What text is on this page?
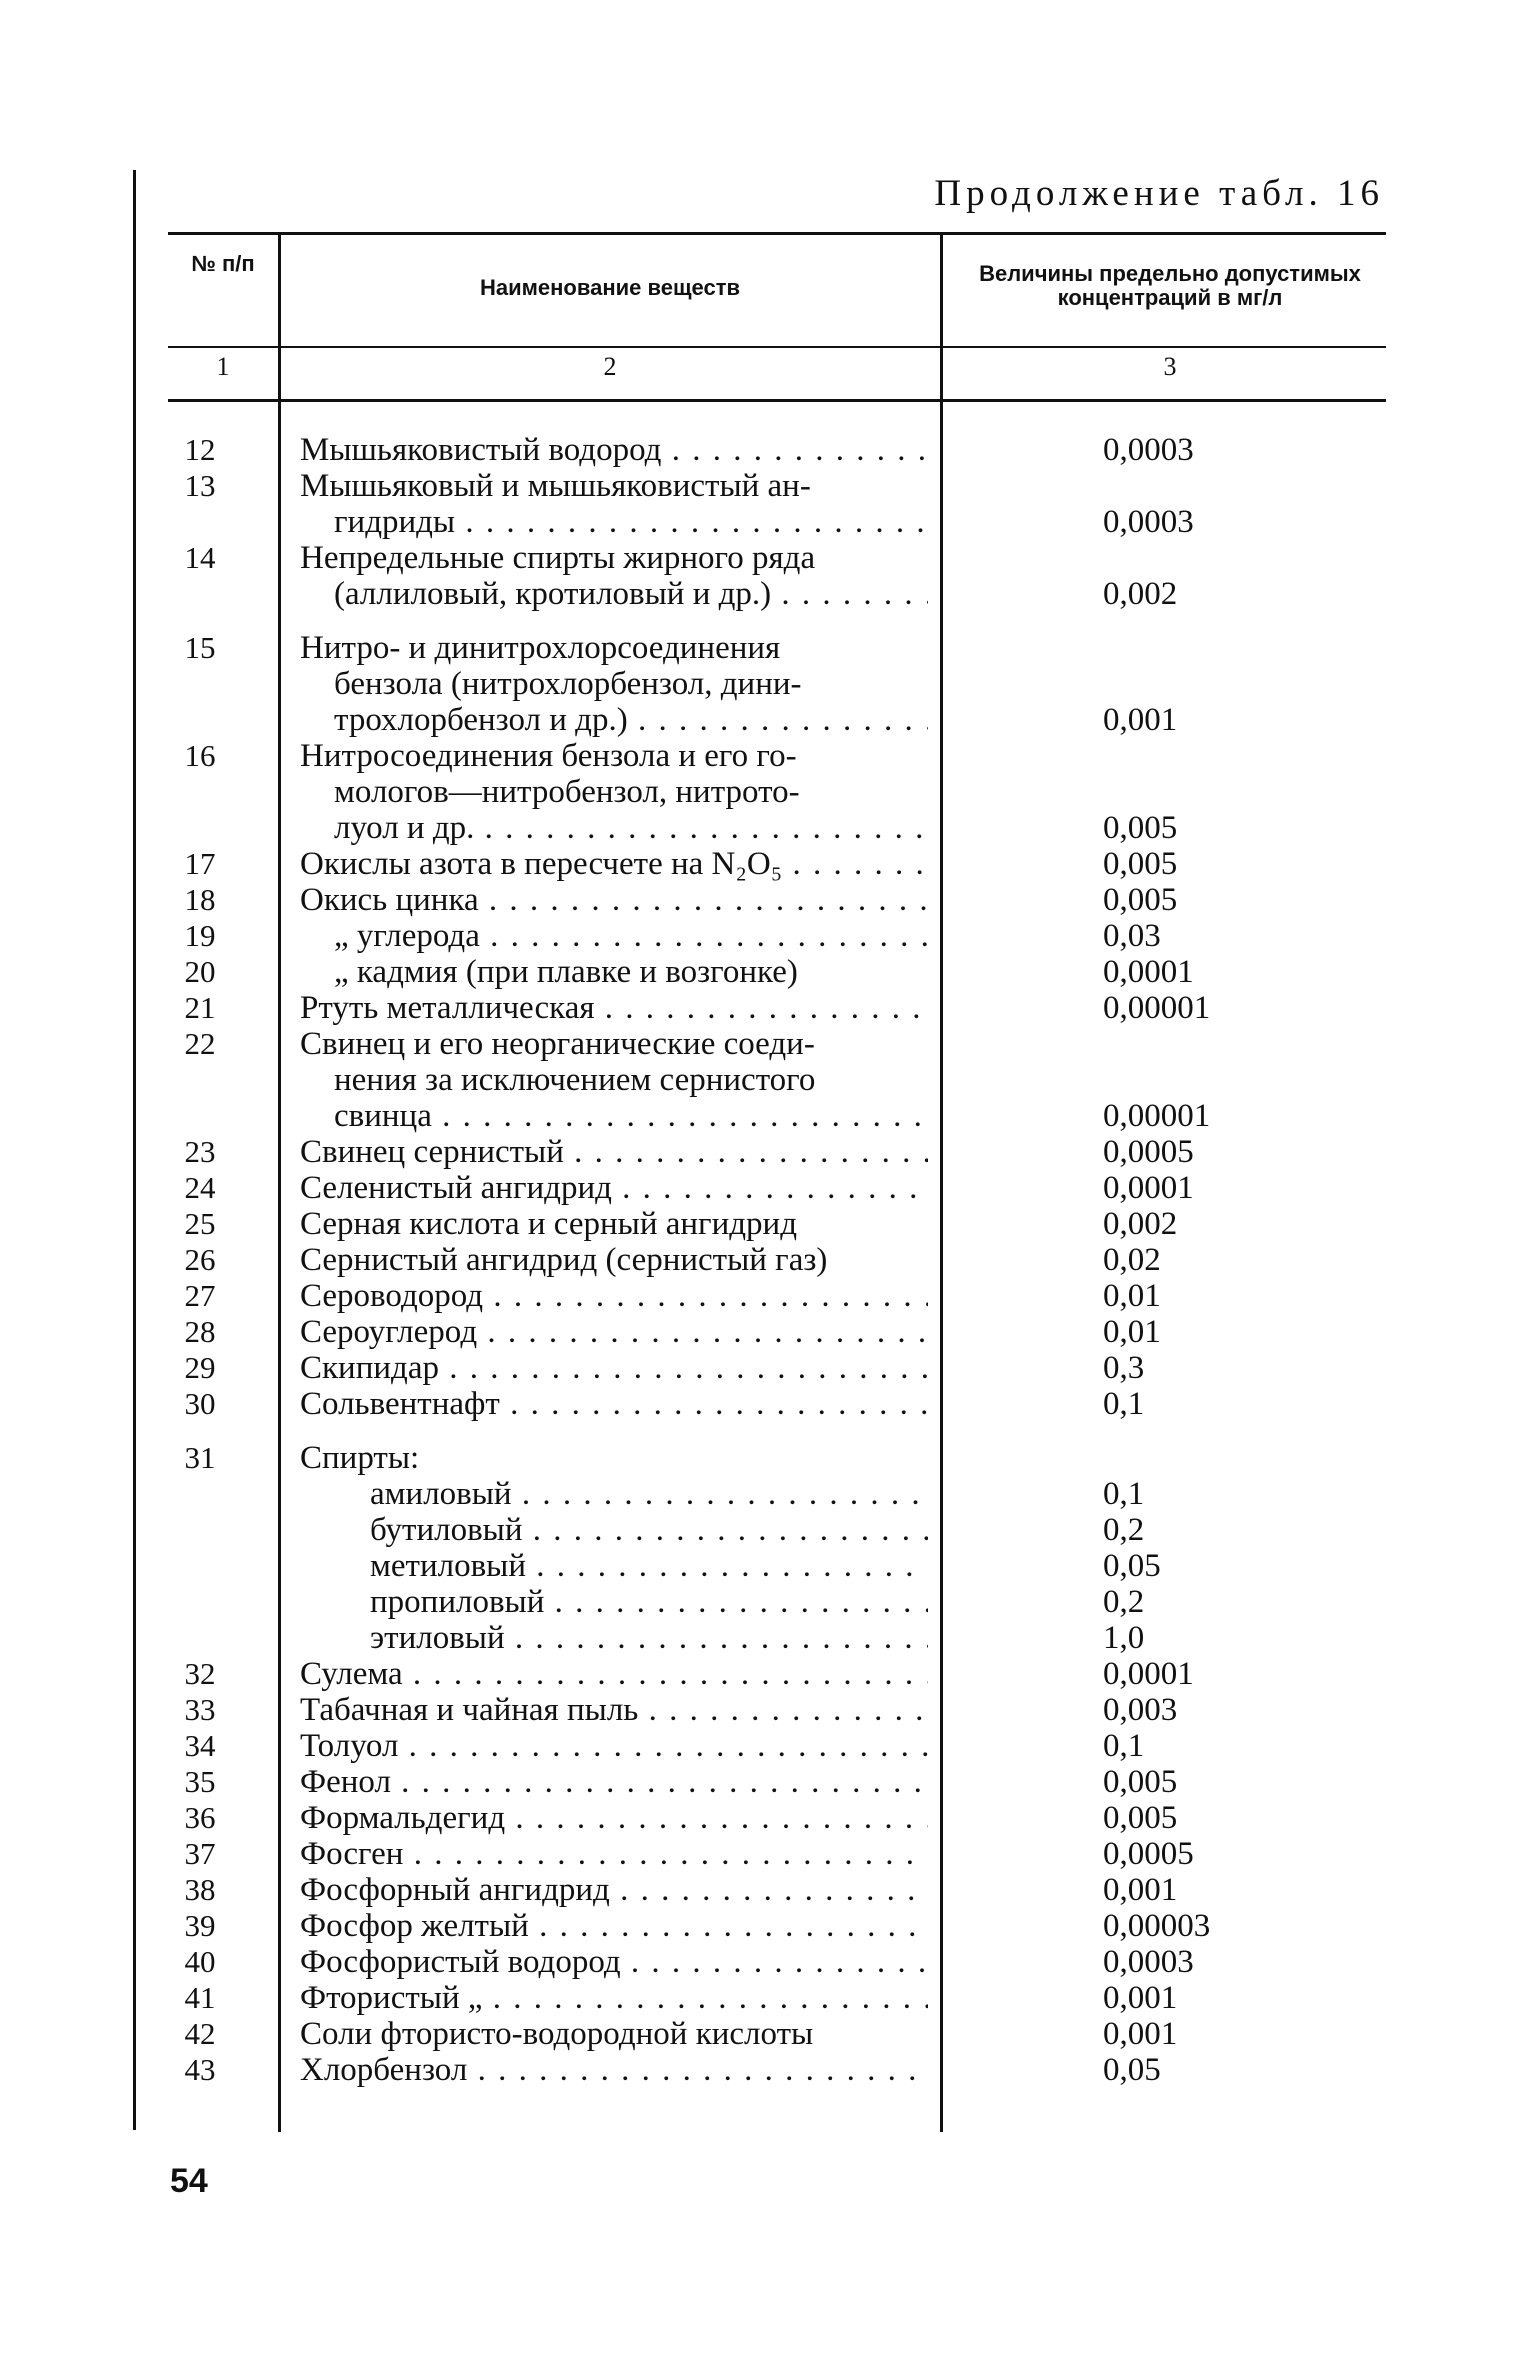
Продолжение табл. 16
№ п/п
Наименование веществ
Величины предельно допустимых концентраций в мг/л
1	2	3
12	Мышьяковистый водород . . .	0,0003
13	Мышьяковый и мышьяковистый ан-
гидриды . . .	0,0003
14	Непредельные спирты жирного ряда
(аллиловый, кротиловый и др.) . . .	0,002
15	Нитро- и динитрохлорсоединения
бензола (нитрохлорбензол, дини-
трохлорбензол и др.) . . .	0,001
16	Нитросоединения бензола и его го-
мологов—нитробензол, нитрото-
луол и др. . . .	0,005
17	Окислы азота в пересчете на N₂O₅ . . .	0,005
18	Окись цинка . . .	0,005
19	„ углерода . . .	0,03
20	„ кадмия (при плавке и возгонке)	0,0001
21	Ртуть металлическая . . .	0,00001
22	Свинец и его неорганические соеди-
нения за исключением сернистого
свинца . . .	0,00001
23	Свинец сернистый . . .	0,0005
24	Селенистый ангидрид . . .	0,0001
25	Серная кислота и серный ангидрид	0,002
26	Сернистый ангидрид (сернистый газ)	0,02
27	Сероводород . . .	0,01
28	Сероуглерод . . .	0,01
29	Скипидар . . .	0,3
30	Сольвентнафт . . .	0,1
31	Спирты:
амиловый . . .	0,1
бутиловый . . .	0,2
метиловый . . .	0,05
пропиловый . . .	0,2
этиловый . . .	1,0
32	Сулема . . .	0,0001
33	Табачная и чайная пыль . . .	0,003
34	Толуол . . .	0,1
35	Фенол . . .	0,005
36	Формальдегид . . .	0,005
37	Фосген . . .	0,0005
38	Фосфорный ангидрид . . .	0,001
39	Фосфор желтый . . .	0,00003
40	Фосфористый водород . . .	0,0003
41	Фтористый „ . . .	0,001
42	Соли фтористо-водородной кислоты	0,001
43	Хлорбензол . . .	0,05
54
